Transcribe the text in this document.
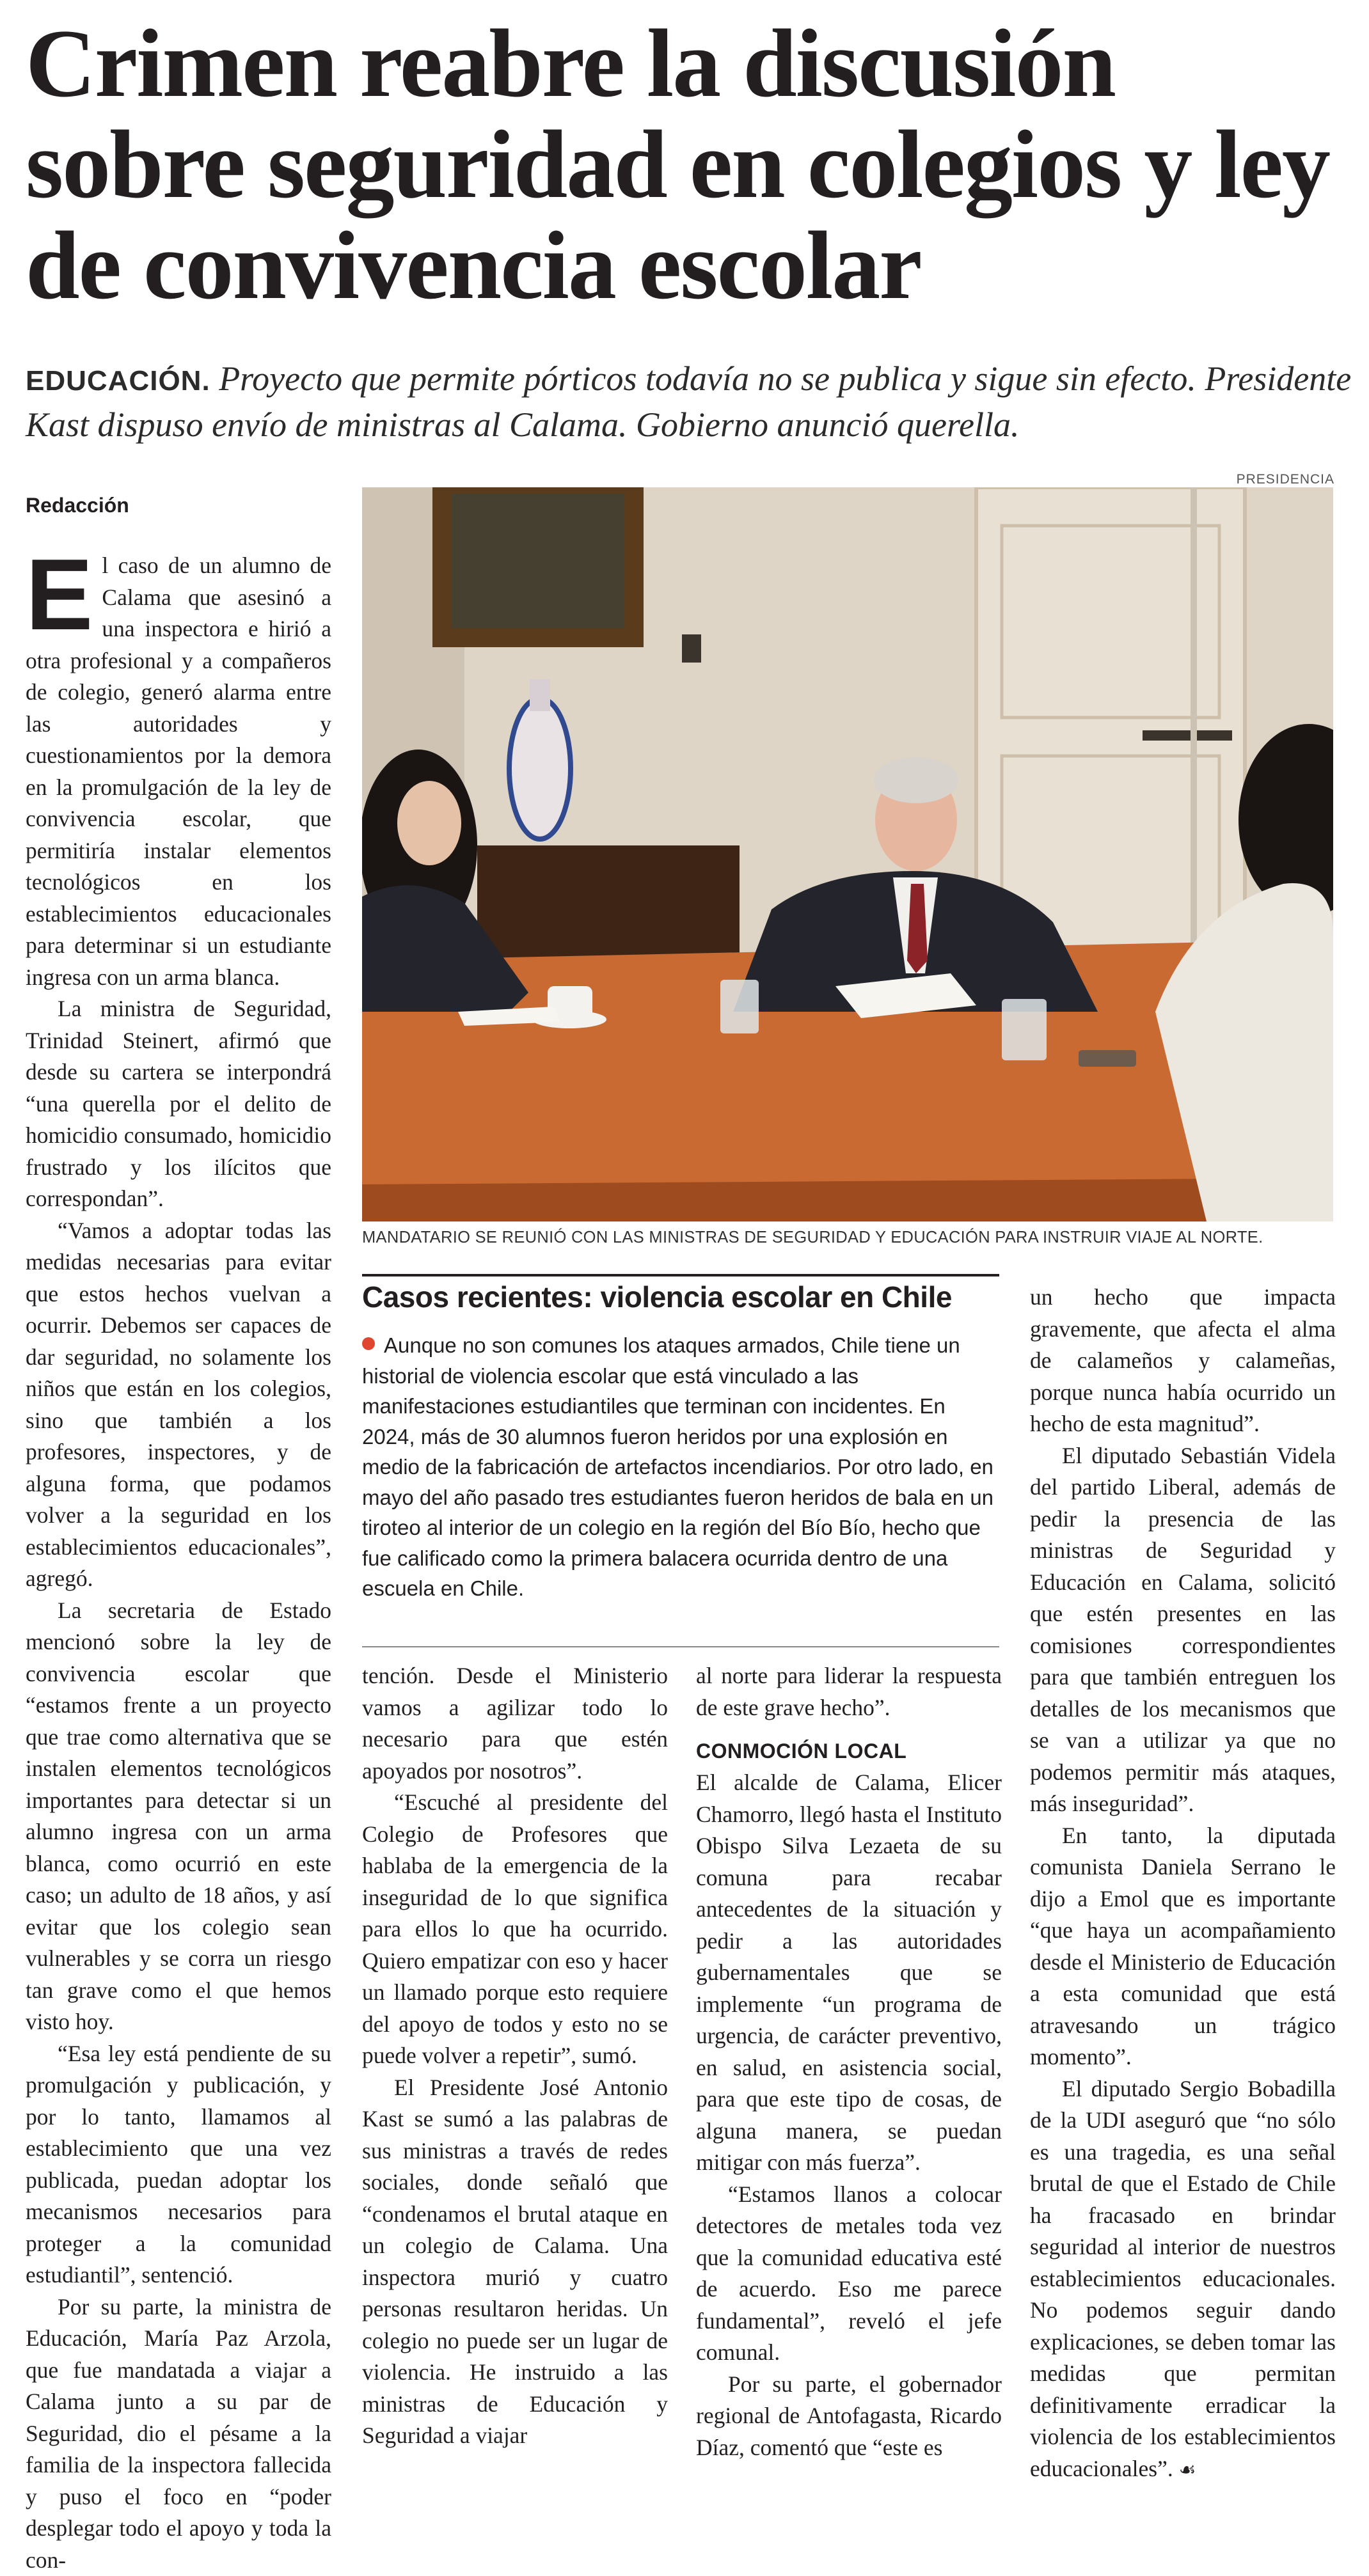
Crimen reabre la discusión sobre seguridad en colegios y ley de convivencia escolar
EDUCACIÓN. Proyecto que permite pórticos todavía no se publica y sigue sin efecto. Presidente Kast dispuso envío de ministras al Calama. Gobierno anunció querella.
Redacción
PRESIDENCIA
MANDATARIO SE REUNIÓ CON LAS MINISTRAS DE SEGURIDAD Y EDUCACIÓN PARA INSTRUIR VIAJE AL NORTE.

El caso de un alumno de Calama que asesinó a una inspectora e hirió a otra profesional y a compañeros de colegio, generó alarma entre las autoridades y cuestionamientos por la demora en la promulgación de la ley de convivencia escolar, que permitiría instalar elementos tecnológicos en los establecimientos educacionales para determinar si un estudiante ingresa con un arma blanca.

La ministra de Seguridad, Trinidad Steinert, afirmó que desde su cartera se interpondrá “una querella por el delito de homicidio consumado, homicidio frustrado y los ilícitos que correspondan”.

“Vamos a adoptar todas las medidas necesarias para evitar que estos hechos vuelvan a ocurrir. Debemos ser capaces de dar seguridad, no solamente los niños que están en los colegios, sino que también a los profesores, inspectores, y de alguna forma, que podamos volver a la seguridad en los establecimientos educacionales”, agregó.

La secretaria de Estado mencionó sobre la ley de convivencia escolar que “estamos frente a un proyecto que trae como alternativa que se instalen elementos tecnológicos importantes para detectar si un alumno ingresa con un arma blanca, como ocurrió en este caso; un adulto de 18 años, y así evitar que los colegio sean vulnerables y se corra un riesgo tan grave como el que hemos visto hoy.

“Esa ley está pendiente de su promulgación y publicación, y por lo tanto, llamamos al establecimiento que una vez publicada, puedan adoptar los mecanismos necesarios para proteger a la comunidad estudiantil”, sentenció.

Por su parte, la ministra de Educación, María Paz Arzola, que fue mandatada a viajar a Calama junto a su par de Seguridad, dio el pésame a la familia de la inspectora fallecida y puso el foco en “poder desplegar todo el apoyo y toda la con-

Casos recientes: violencia escolar en Chile
Aunque no son comunes los ataques armados, Chile tiene un historial de violencia escolar que está vinculado a las manifestaciones estudiantiles que terminan con incidentes. En 2024, más de 30 alumnos fueron heridos por una explosión en medio de la fabricación de artefactos incendiarios. Por otro lado, en mayo del año pasado tres estudiantes fueron heridos de bala en un tiroteo al interior de un colegio en la región del Bío Bío, hecho que fue calificado como la primera balacera ocurrida dentro de una escuela en Chile.

tención. Desde el Ministerio vamos a agilizar todo lo necesario para que estén apoyados por nosotros”.

“Escuché al presidente del Colegio de Profesores que hablaba de la emergencia de la inseguridad de lo que significa para ellos lo que ha ocurrido. Quiero empatizar con eso y hacer un llamado porque esto requiere del apoyo de todos y esto no se puede volver a repetir”, sumó.

El Presidente José Antonio Kast se sumó a las palabras de sus ministras a través de redes sociales, donde señaló que “condenamos el brutal ataque en un colegio de Calama. Una inspectora murió y cuatro personas resultaron heridas. Un colegio no puede ser un lugar de violencia. He instruido a las ministras de Educación y Seguridad a viajar

al norte para liderar la respuesta de este grave hecho”.

CONMOCIÓN LOCAL

El alcalde de Calama, Elicer Chamorro, llegó hasta el Instituto Obispo Silva Lezaeta de su comuna para recabar antecedentes de la situación y pedir a las autoridades gubernamentales que se implemente “un programa de urgencia, de carácter preventivo, en salud, en asistencia social, para que este tipo de cosas, de alguna manera, se puedan mitigar con más fuerza”.

“Estamos llanos a colocar detectores de metales toda vez que la comunidad educativa esté de acuerdo. Eso me parece fundamental”, reveló el jefe comunal.

Por su parte, el gobernador regional de Antofagasta, Ricardo Díaz, comentó que “este es

un hecho que impacta gravemente, que afecta el alma de calameños y calameñas, porque nunca había ocurrido un hecho de esta magnitud”.

El diputado Sebastián Videla del partido Liberal, además de pedir la presencia de las ministras de Seguridad y Educación en Calama, solicitó que estén presentes en las comisiones correspondientes para que también entreguen los detalles de los mecanismos que se van a utilizar ya que no podemos permitir más ataques, más inseguridad”.

En tanto, la diputada comunista Daniela Serrano le dijo a Emol que es importante “que haya un acompañamiento desde el Ministerio de Educación a esta comunidad que está atravesando un trágico momento”.

El diputado Sergio Bobadilla de la UDI aseguró que “no sólo es una tragedia, es una señal brutal de que el Estado de Chile ha fracasado en brindar seguridad al interior de nuestros establecimientos educacionales. No podemos seguir dando explicaciones, se deben tomar las medidas que permitan definitivamente erradicar la violencia de los establecimientos educacionales”. ☙
